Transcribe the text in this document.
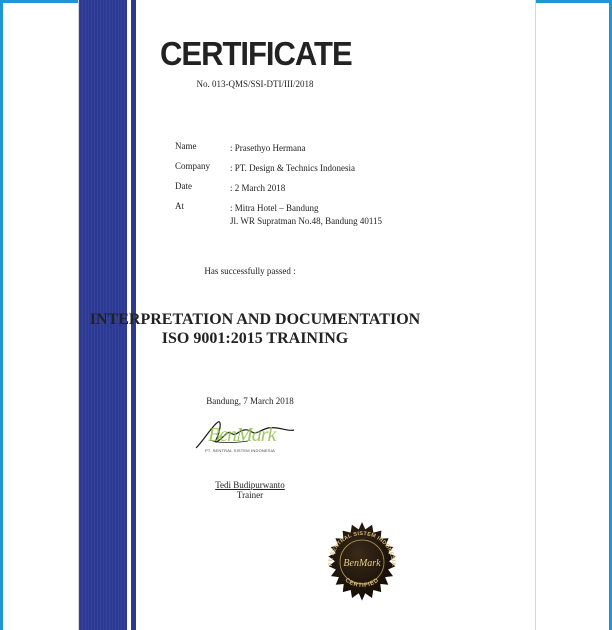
CERTIFICATE
No. 013-QMS/SSI-DTI/III/2018
Name	: Prasethyo Hermana
Company	: PT. Design & Technics Indonesia
Date	: 2 March 2018
At	: Mitra Hotel – Bandung
Jl. WR Supratman No.48, Bandung 40115
Has successfully passed :
INTERPRETATION AND DOCUMENTATION
ISO 9001:2015 TRAINING
Bandung, 7 March 2018
BenMark
PT. SENTRAL SISTEM INDONESIA
Tedi Budipurwanto
Trainer
PT. SENTRAL SISTEM INDONESIA
BenMark
CERTIFIED
